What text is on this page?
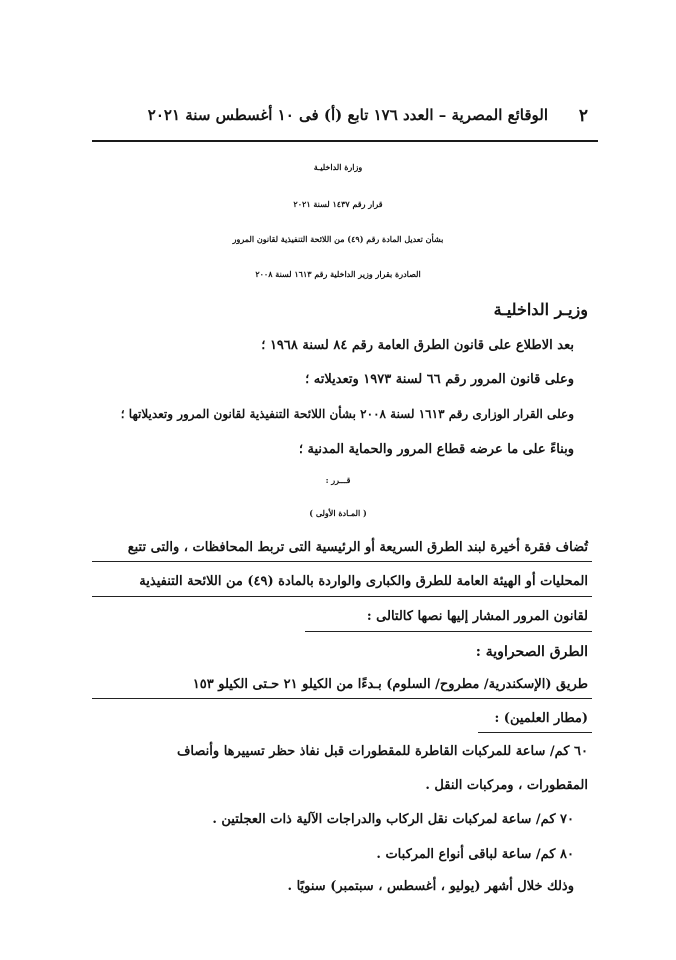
٢
الوقائع المصرية – العدد ١٧٦ تابع (أ) فى ١٠ أغسطس سنة ٢٠٢١
وزارة الداخليـة
قرار رقم ١٤٣٧ لسنة ٢٠٢١
بشأن تعديل المادة رقم (٤٩) من اللائحة التنفيذية لقانون المرور
الصادرة بقرار وزير الداخلية رقم ١٦١٣ لسنة ٢٠٠٨
وزيـر الداخليـة
بعد الاطلاع على قانون الطرق العامة رقم ٨٤ لسنة ١٩٦٨ ؛
وعلى قانون المرور رقم ٦٦ لسنة ١٩٧٣ وتعديلاته ؛
وعلى القرار الوزارى رقم ١٦١٣ لسنة ٢٠٠٨ بشأن اللائحة التنفيذية لقانون المرور وتعديلاتها ؛
وبناءً على ما عرضه قطاع المرور والحماية المدنية ؛
قـــرر :
( المـادة الأولى )
تُضاف فقرة أخيرة لبند الطرق السريعة أو الرئيسية التى تربط المحافظات ، والتى تتبع
المحليات أو الهيئة العامة للطرق والكبارى والواردة بالمادة (٤٩) من اللائحة التنفيذية
لقانون المرور المشار إليها نصها كالتالى :
الطرق الصحراوية :
طريق (الإسكندرية/ مطروح/ السلوم) بـدءًا من الكيلو ٢١ حـتى الكيلو ١٥٣
(مطار العلمين) :
٦٠ كم/ ساعة للمركبات القاطرة للمقطورات قبل نفاذ حظر تسييرها وأنصاف
المقطورات ، ومركبات النقل .
٧٠ كم/ ساعة لمركبات نقل الركاب والدراجات الآلية ذات العجلتين .
٨٠ كم/ ساعة لباقى أنواع المركبات .
وذلك خلال أشهر (يوليو ، أغسطس ، سبتمبر) سنويًا .
